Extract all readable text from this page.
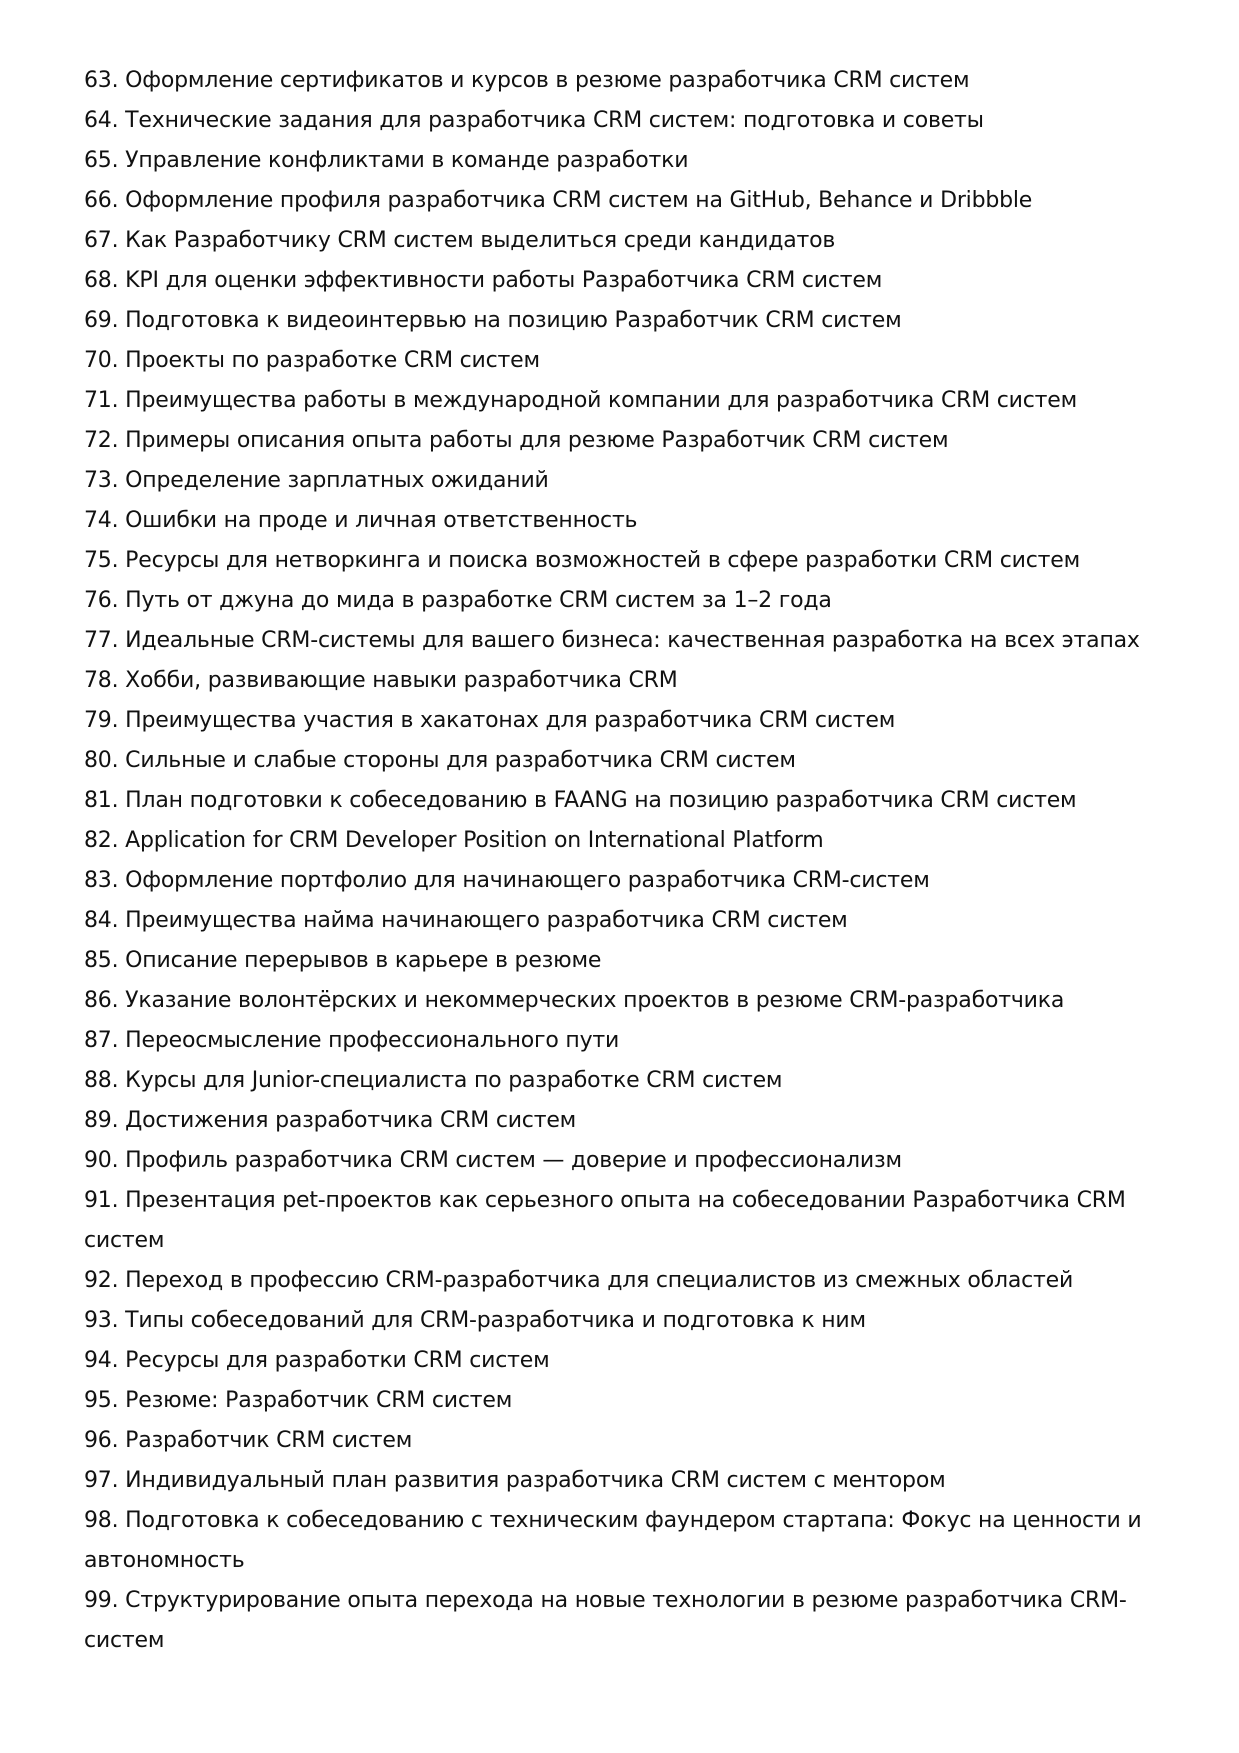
63. Оформление сертификатов и курсов в резюме разработчика CRM систем
64. Технические задания для разработчика CRM систем: подготовка и советы
65. Управление конфликтами в команде разработки
66. Оформление профиля разработчика CRM систем на GitHub, Behance и Dribbble
67. Как Разработчику CRM систем выделиться среди кандидатов
68. KPI для оценки эффективности работы Разработчика CRM систем
69. Подготовка к видеоинтервью на позицию Разработчик CRM систем
70. Проекты по разработке CRM систем
71. Преимущества работы в международной компании для разработчика CRM систем
72. Примеры описания опыта работы для резюме Разработчик CRM систем
73. Определение зарплатных ожиданий
74. Ошибки на проде и личная ответственность
75. Ресурсы для нетворкинга и поиска возможностей в сфере разработки CRM систем
76. Путь от джуна до мида в разработке CRM систем за 1–2 года
77. Идеальные CRM-системы для вашего бизнеса: качественная разработка на всех этапах
78. Хобби, развивающие навыки разработчика CRM
79. Преимущества участия в хакатонах для разработчика CRM систем
80. Сильные и слабые стороны для разработчика CRM систем
81. План подготовки к собеседованию в FAANG на позицию разработчика CRM систем
82. Application for CRM Developer Position on International Platform
83. Оформление портфолио для начинающего разработчика CRM-систем
84. Преимущества найма начинающего разработчика CRM систем
85. Описание перерывов в карьере в резюме
86. Указание волонтёрских и некоммерческих проектов в резюме CRM-разработчика
87. Переосмысление профессионального пути
88. Курсы для Junior-специалиста по разработке CRM систем
89. Достижения разработчика CRM систем
90. Профиль разработчика CRM систем — доверие и профессионализм
91. Презентация pet-проектов как серьезного опыта на собеседовании Разработчика CRM систем
92. Переход в профессию CRM-разработчика для специалистов из смежных областей
93. Типы собеседований для CRM-разработчика и подготовка к ним
94. Ресурсы для разработки CRM систем
95. Резюме: Разработчик CRM систем
96. Разработчик CRM систем
97. Индивидуальный план развития разработчика CRM систем с ментором
98. Подготовка к собеседованию с техническим фаундером стартапа: Фокус на ценности и автономность
99. Структурирование опыта перехода на новые технологии в резюме разработчика CRM-систем
